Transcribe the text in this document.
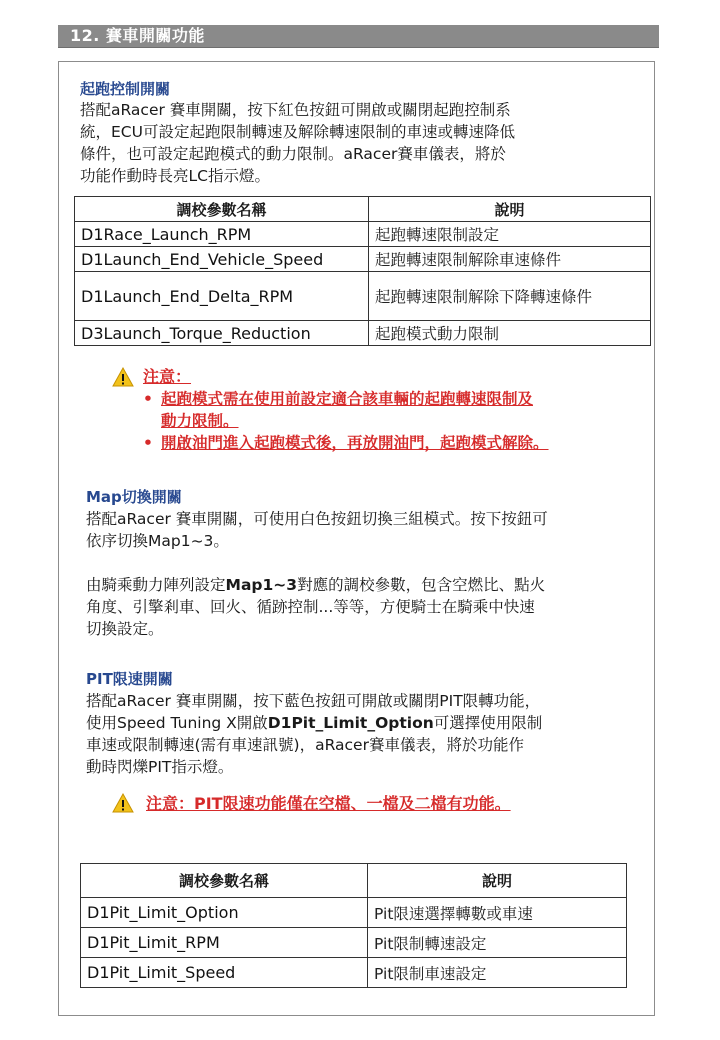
12. 賽車開關功能
起跑控制開關
搭配aRacer 賽車開關，按下紅色按鈕可開啟或關閉起跑控制系
統，ECU可設定起跑限制轉速及解除轉速限制的車速或轉速降低
條件，也可設定起跑模式的動力限制。aRacer賽車儀表，將於
功能作動時長亮LC指示燈。
調校參數名稱	說明
D1Race_Launch_RPM	起跑轉速限制設定
D1Launch_End_Vehicle_Speed	起跑轉速限制解除車速條件
D1Launch_End_Delta_RPM	起跑轉速限制解除下降轉速條件
D3Launch_Torque_Reduction	起跑模式動力限制
注意：
• 起跑模式需在使用前設定適合該車輛的起跑轉速限制及
動力限制。
• 開啟油門進入起跑模式後，再放開油門，起跑模式解除。
Map切換開關
搭配aRacer 賽車開關，可使用白色按鈕切換三組模式。按下按鈕可
依序切換Map1~3。
由騎乘動力陣列設定Map1~3對應的調校參數，包含空燃比、點火
角度、引擎剎車、回火、循跡控制...等等，方便騎士在騎乘中快速
切換設定。
PIT限速開關
搭配aRacer 賽車開關，按下藍色按鈕可開啟或關閉PIT限轉功能，
使用Speed Tuning X開啟D1Pit_Limit_Option可選擇使用限制
車速或限制轉速(需有車速訊號)，aRacer賽車儀表，將於功能作
動時閃爍PIT指示燈。
注意：PIT限速功能僅在空檔、一檔及二檔有功能。
調校參數名稱	說明
D1Pit_Limit_Option	Pit限速選擇轉數或車速
D1Pit_Limit_RPM	Pit限制轉速設定
D1Pit_Limit_Speed	Pit限制車速設定
